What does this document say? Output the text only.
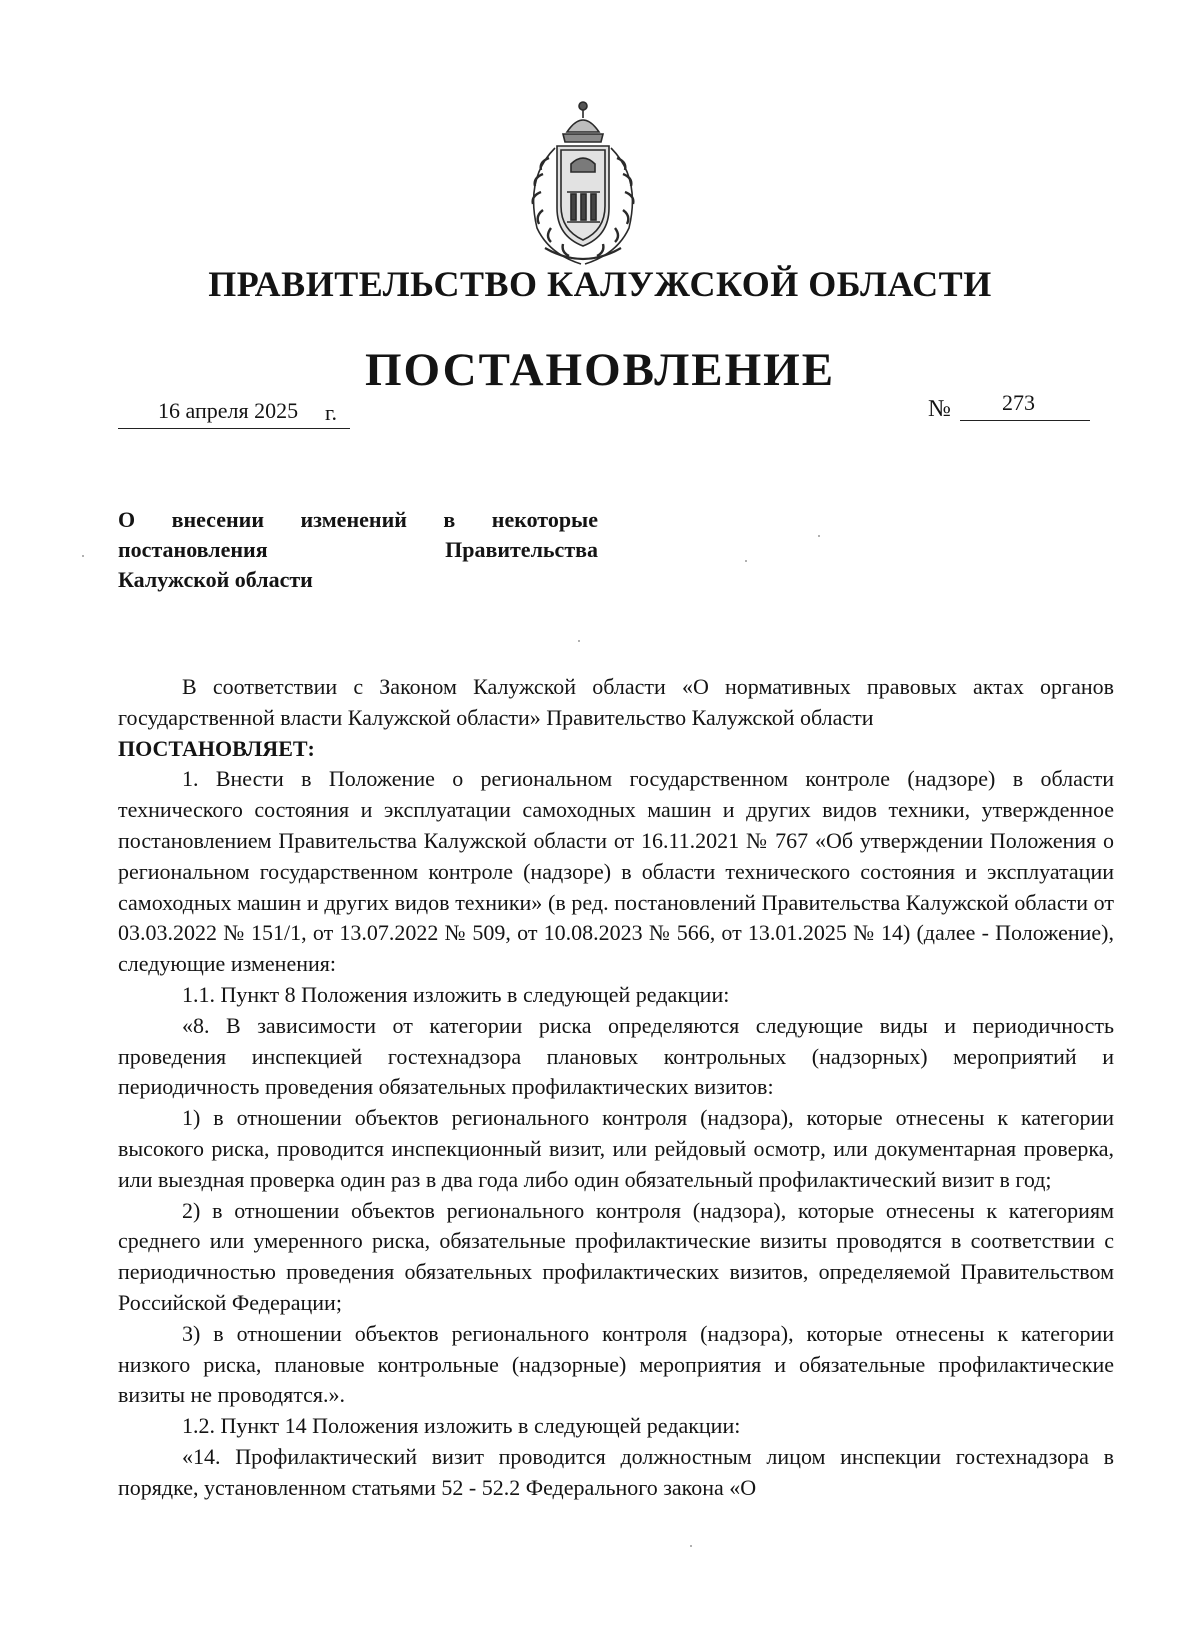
ПРАВИТЕЛЬСТВО КАЛУЖСКОЙ ОБЛАСТИ
ПОСТАНОВЛЕНИЕ
16 апреля 2025 г.	№ 273
О внесении изменений в некоторые
постановления Правительства
Калужской области

В соответствии с Законом Калужской области «О нормативных правовых актах органов государственной власти Калужской области» Правительство Калужской области

ПОСТАНОВЛЯЕТ:

1. Внести в Положение о региональном государственном контроле (надзоре) в области технического состояния и эксплуатации самоходных машин и других видов техники, утвержденное постановлением Правительства Калужской области от 16.11.2021 № 767 «Об утверждении Положения о региональном государственном контроле (надзоре) в области технического состояния и эксплуатации самоходных машин и других видов техники» (в ред. постановлений Правительства Калужской области от 03.03.2022 № 151/1, от 13.07.2022 № 509, от 10.08.2023 № 566, от 13.01.2025 № 14) (далее - Положение), следующие изменения:

1.1. Пункт 8 Положения изложить в следующей редакции:

«8. В зависимости от категории риска определяются следующие виды и периодичность проведения инспекцией гостехнадзора плановых контрольных (надзорных) мероприятий и периодичность проведения обязательных профилактических визитов:

1) в отношении объектов регионального контроля (надзора), которые отнесены к категории высокого риска, проводится инспекционный визит, или рейдовый осмотр, или документарная проверка, или выездная проверка один раз в два года либо один обязательный профилактический визит в год;

2) в отношении объектов регионального контроля (надзора), которые отнесены к категориям среднего или умеренного риска, обязательные профилактические визиты проводятся в соответствии с периодичностью проведения обязательных профилактических визитов, определяемой Правительством Российской Федерации;

3) в отношении объектов регионального контроля (надзора), которые отнесены к категории низкого риска, плановые контрольные (надзорные) мероприятия и обязательные профилактические визиты не проводятся.».

1.2. Пункт 14 Положения изложить в следующей редакции:

«14. Профилактический визит проводится должностным лицом инспекции гостехнадзора в порядке, установленном статьями 52 - 52.2 Федерального закона «О
